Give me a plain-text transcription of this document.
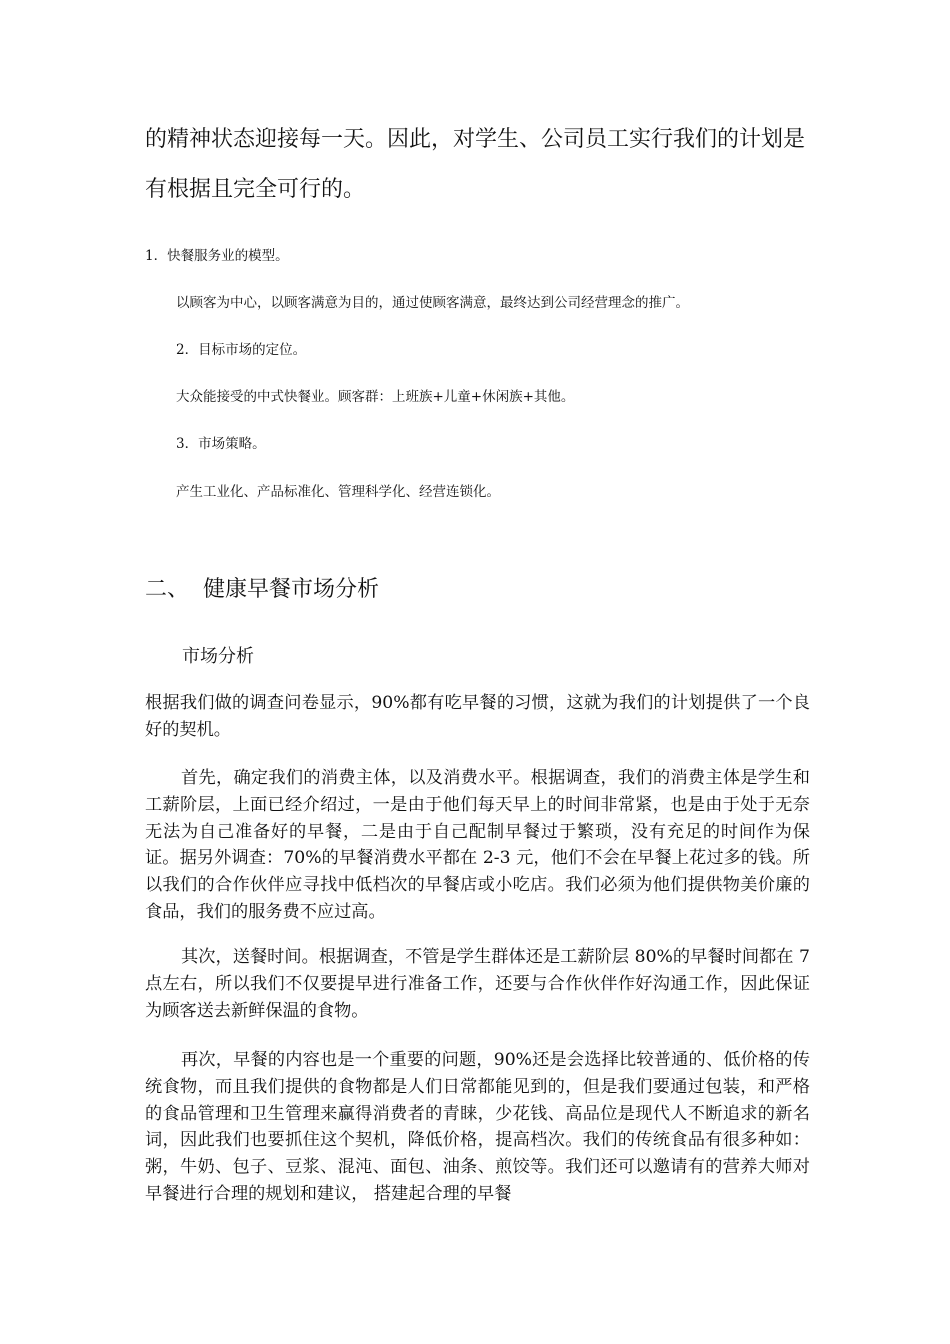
的精神状态迎接每一天。因此，对学生、公司员工实行我们的计划是
有根据且完全可行的。
1．快餐服务业的模型。
以顾客为中心，以顾客满意为目的，通过使顾客满意，最终达到公司经营理念的推广。
2．目标市场的定位。
大众能接受的中式快餐业。顾客群：上班族+儿童+休闲族+其他。
3．市场策略。
产生工业化、产品标准化、管理科学化、经营连锁化。
二、 健康早餐市场分析
市场分析
根据我们做的调查问卷显示，90%都有吃早餐的习惯，这就为我们的计划提供了一个良好的契机。
首先，确定我们的消费主体，以及消费水平。根据调查，我们的消费主体是学生和工薪阶层，上面已经介绍过，一是由于他们每天早上的时间非常紧，也是由于处于无奈无法为自己准备好的早餐，二是由于自己配制早餐过于繁琐，没有充足的时间作为保证。据另外调查：70%的早餐消费水平都在 2-3 元，他们不会在早餐上花过多的钱。所以我们的合作伙伴应寻找中低档次的早餐店或小吃店。我们必须为他们提供物美价廉的食品，我们的服务费不应过高。
其次，送餐时间。根据调查，不管是学生群体还是工薪阶层 80%的早餐时间都在 7 点左右，所以我们不仅要提早进行准备工作，还要与合作伙伴作好沟通工作，因此保证为顾客送去新鲜保温的食物。
再次，早餐的内容也是一个重要的问题，90%还是会选择比较普通的、低价格的传统食物，而且我们提供的食物都是人们日常都能见到的，但是我们要通过包装，和严格的食品管理和卫生管理来赢得消费者的青睐，少花钱、高品位是现代人不断追求的新名词，因此我们也要抓住这个契机，降低价格，提高档次。我们的传统食品有很多种如：粥，牛奶、包子、豆浆、混沌、面包、油条、煎饺等。我们还可以邀请有的营养大师对早餐进行合理的规划和建议， 搭建起合理的早餐
